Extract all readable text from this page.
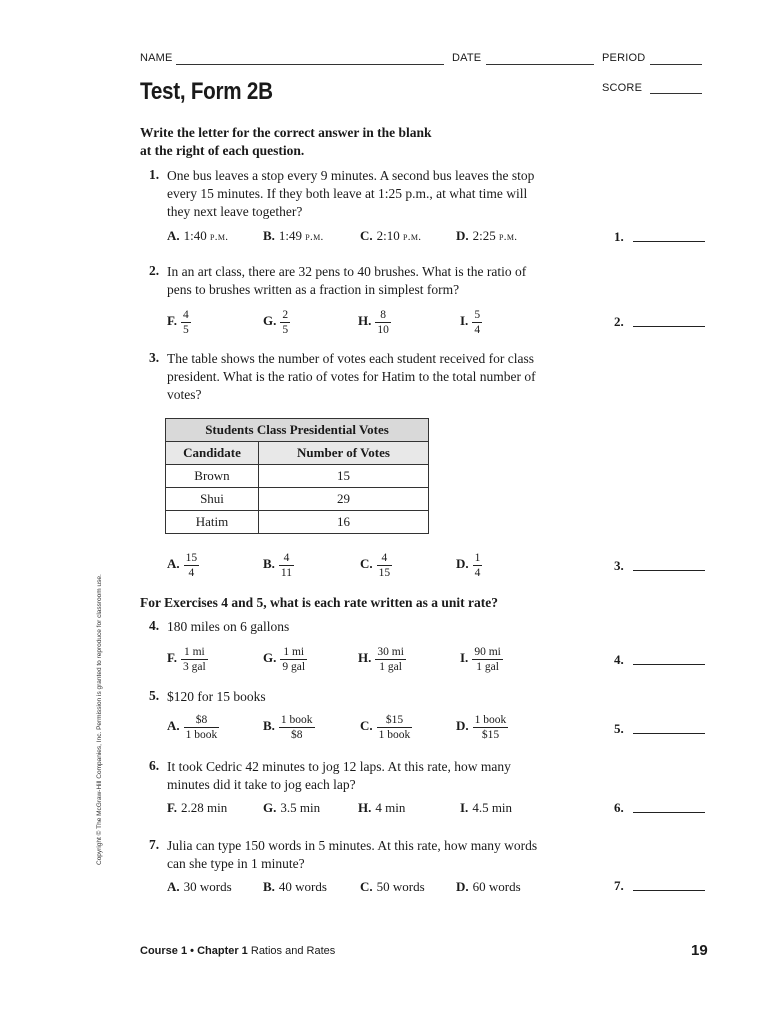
NAME	DATE	PERIOD
Test, Form 2B	SCORE
Write the letter for the correct answer in the blank
at the right of each question.
1. One bus leaves a stop every 9 minutes. A second bus leaves the stop
every 15 minutes. If they both leave at 1:25 p.m., at what time will
they next leave together?
A. 1:40 p.m.	B. 1:49 p.m.	C. 2:10 p.m.	D. 2:25 p.m.	1.
2. In an art class, there are 32 pens to 40 brushes. What is the ratio of
pens to brushes written as a fraction in simplest form?
F. $\frac{4}{5}$	G. $\frac{2}{5}$	H. $\frac{8}{10}$	I. $\frac{5}{4}$	2.
3. The table shows the number of votes each student received for class
president. What is the ratio of votes for Hatim to the total number of
votes?
Students Class Presidential Votes	
Candidate	Number of Votes
Brown	15
Shui	29
Hatim	16
A. $\frac{15}{4}$	B. $\frac{4}{11}$	C. $\frac{4}{15}$	D. $\frac{1}{4}$	3.
For Exercises 4 and 5, what is each rate written as a unit rate?
4. 180 miles on 6 gallons
F. $\frac{1 mi}{\text{3 gal}}$	G. $\frac{1 mi}{\text{9 gal}}$	H. $\frac{30 mi}{\text{1 gal}}$	I. $\frac{90 mi}{\text{1 gal}}$	4.
5. $120 for 15 books
A. $\frac{\$8}{\text{1 book}}$	B. $\frac{\text{1 book}}{\$8}$	C. $\frac{\$15}{\text{1 book}}$	D. $\frac{\text{1 book}}{\$15}$	5.
6. It took Cedric 42 minutes to jog 12 laps. At this rate, how many
minutes did it take to jog each lap?
F. 2.28 min	G. 3.5 min	H. 4 min	I. 4.5 min	6.
7. Julia can type 150 words in 5 minutes. At this rate, how many words
can she type in 1 minute?
A. 30 words B. 40 words	C. 50 words D. 60 words	7.
Copyright © The McGraw-Hill Companies, Inc. Permission is granted to reproduce for classroom use.
Course 1 • Chapter 1 Ratios and Rates	19
